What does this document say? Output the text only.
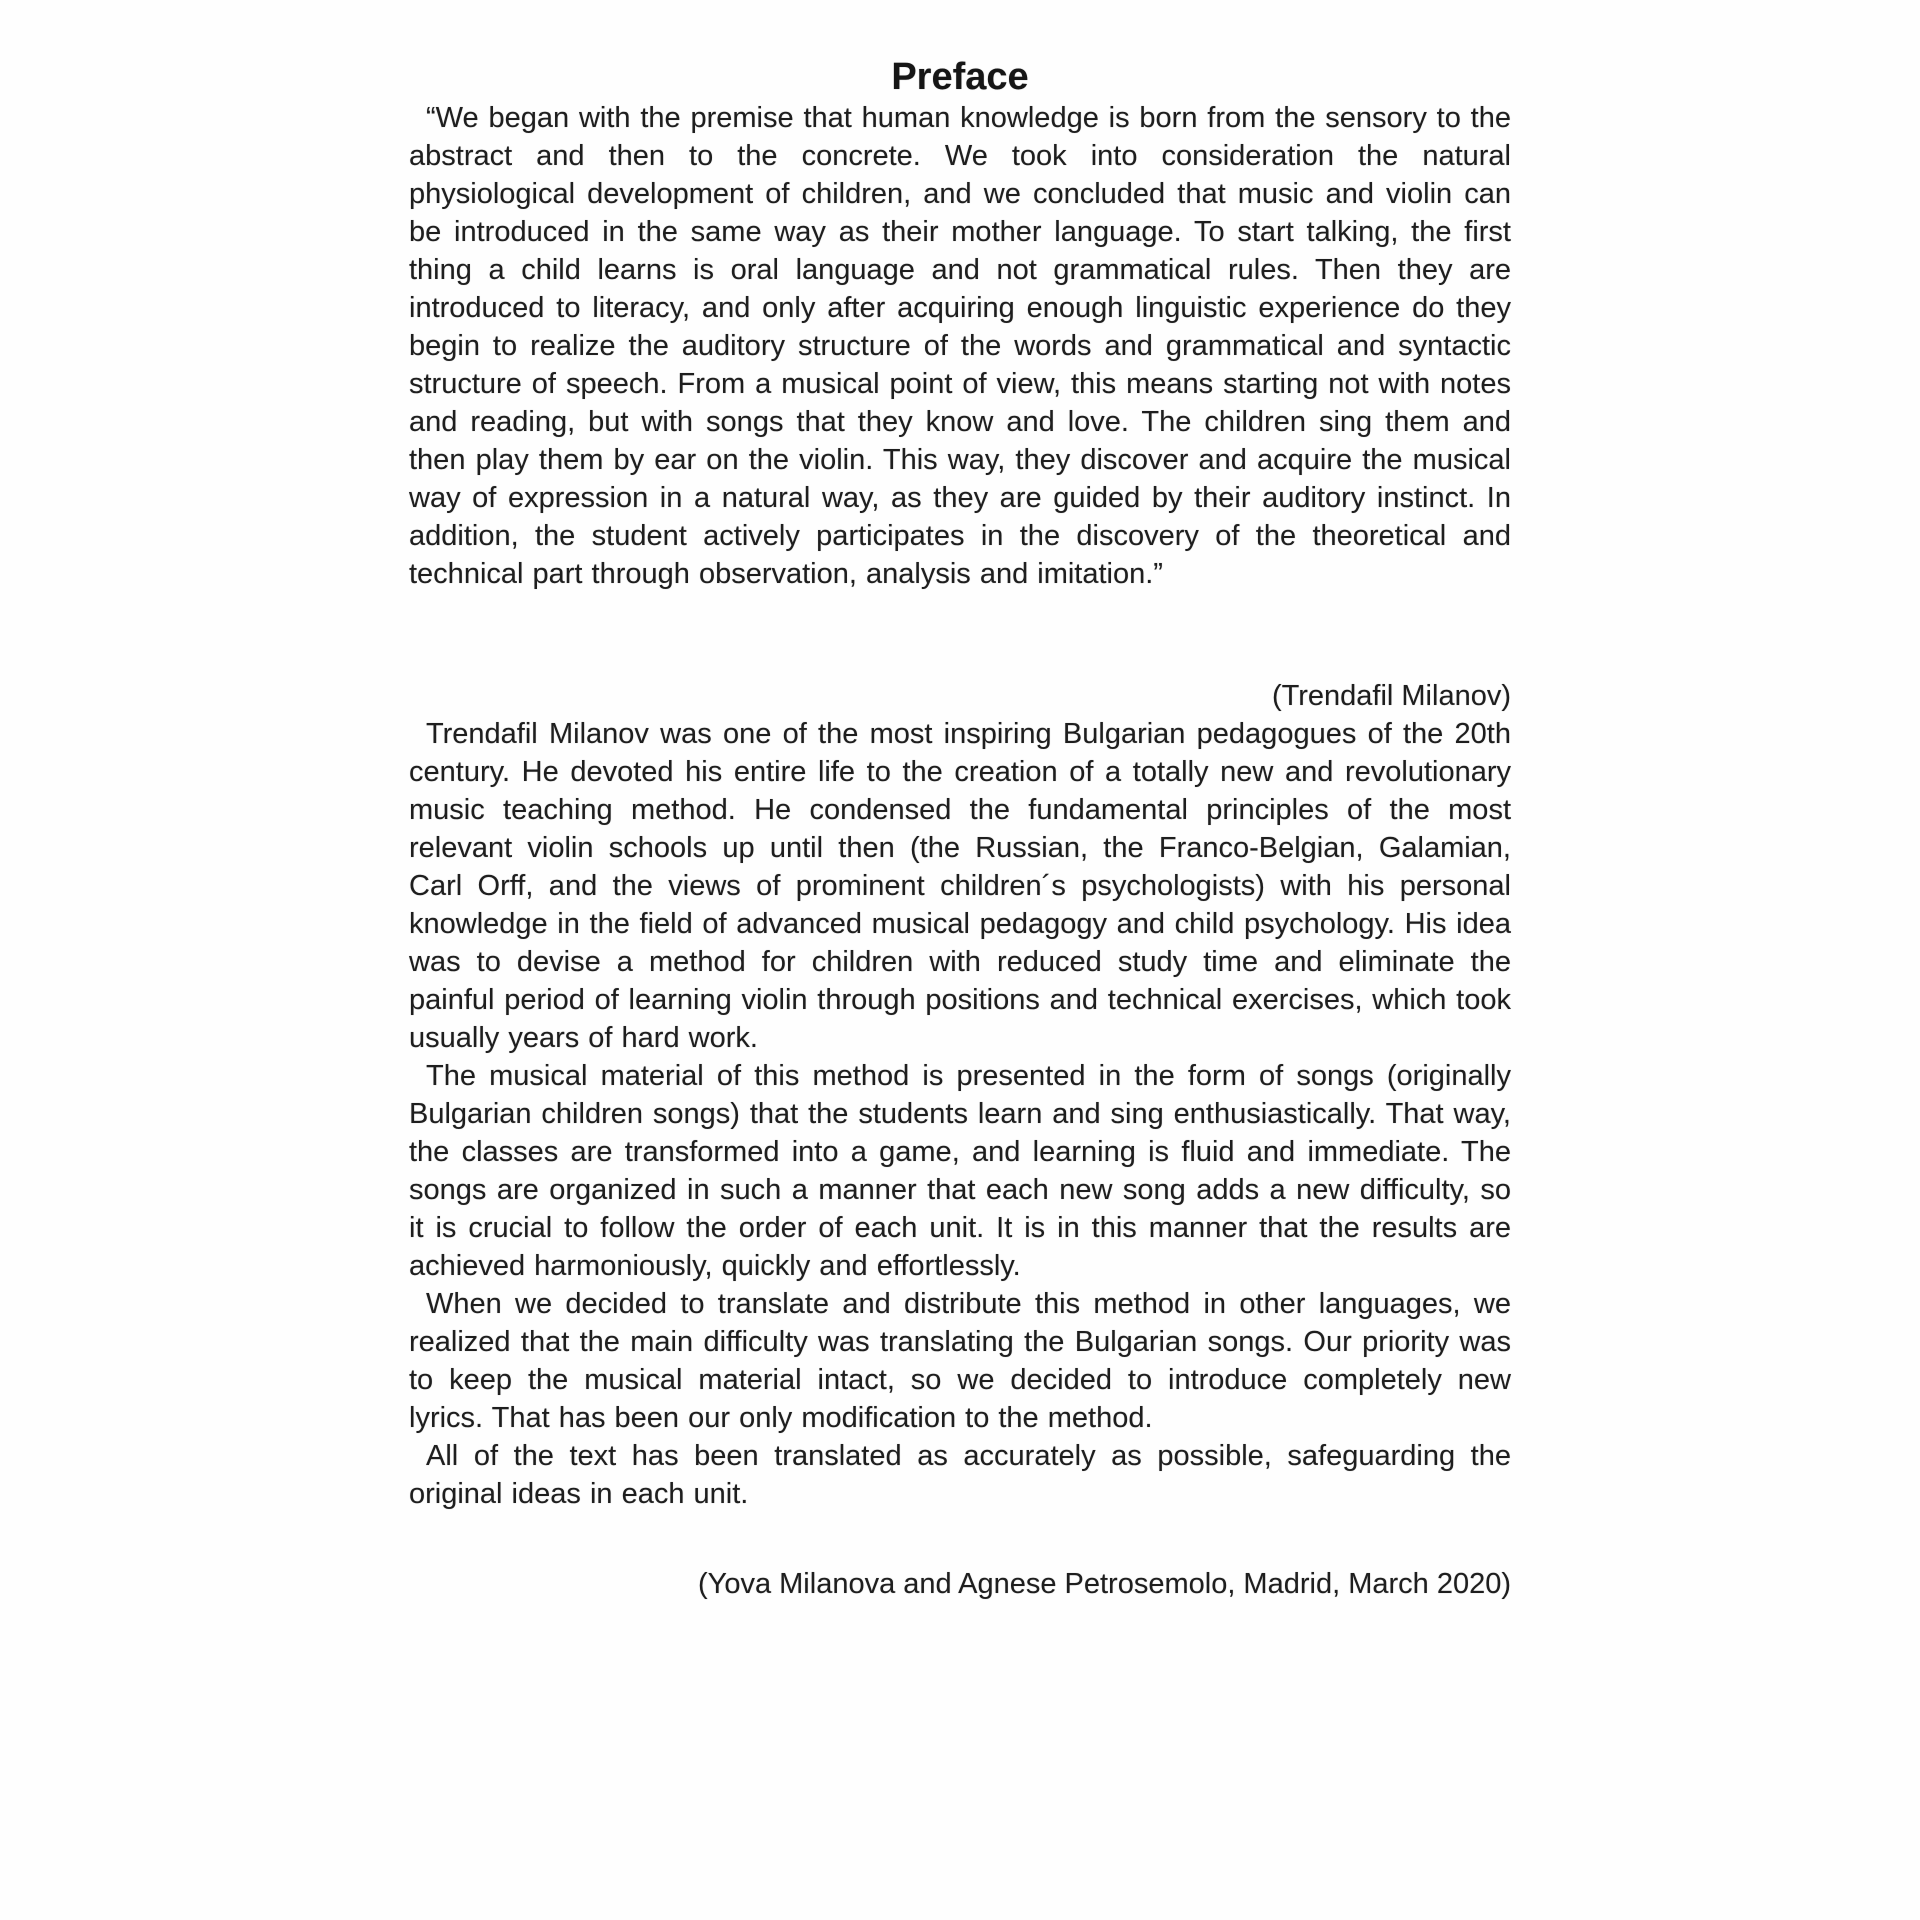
Preface

“We began with the premise that human knowledge is born from the sensory to the abstract and then to the concrete. We took into consideration the natural physiological development of children, and we concluded that music and violin can be introduced in the same way as their mother language. To start talking, the first thing a child learns is oral language and not grammatical rules. Then they are introduced to literacy, and only after acquiring enough linguistic experience do they begin to realize the auditory structure of the words and grammatical and syntactic structure of speech. From a musical point of view, this means starting not with notes and reading, but with songs that they know and love. The children sing them and then play them by ear on the violin. This way, they discover and acquire the musical way of expression in a natural way, as they are guided by their auditory instinct. In addition, the student actively participates in the discovery of the theoretical and technical part through observation, analysis and imitation.”

(Trendafil Milanov)

Trendafil Milanov was one of the most inspiring Bulgarian pedagogues of the 20th century. He devoted his entire life to the creation of a totally new and revolutionary music teaching method. He condensed the fundamental principles of the most relevant violin schools up until then (the Russian, the Franco-Belgian, Galamian, Carl Orff, and the views of prominent children´s psychologists) with his personal knowledge in the field of advanced musical pedagogy and child psychology. His idea was to devise a method for children with reduced study time and eliminate the painful period of learning violin through positions and technical exercises, which took usually years of hard work.

The musical material of this method is presented in the form of songs (originally Bulgarian children songs) that the students learn and sing enthusiastically. That way, the classes are transformed into a game, and learning is fluid and immediate. The songs are organized in such a manner that each new song adds a new difficulty, so it is crucial to follow the order of each unit. It is in this manner that the results are achieved harmoniously, quickly and effortlessly.

When we decided to translate and distribute this method in other languages, we realized that the main difficulty was translating the Bulgarian songs. Our priority was to keep the musical material intact, so we decided to introduce completely new lyrics. That has been our only modification to the method.

All of the text has been translated as accurately as possible, safeguarding the original ideas in each unit.

(Yova Milanova and Agnese Petrosemolo, Madrid, March 2020)
